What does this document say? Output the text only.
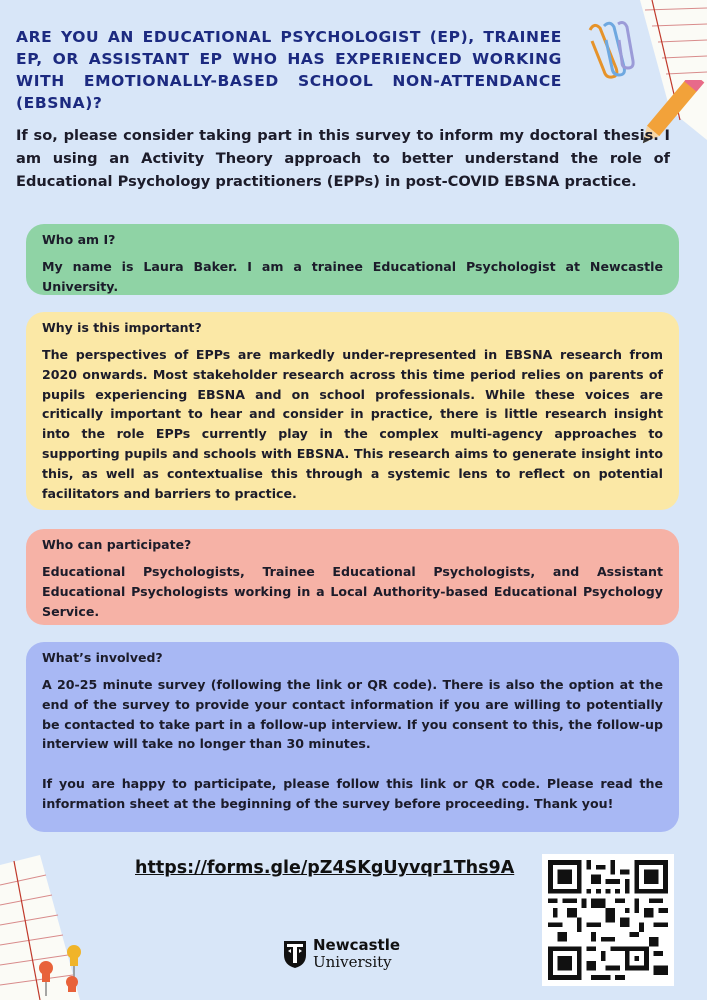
ARE YOU AN EDUCATIONAL PSYCHOLOGIST (EP), TRAINEE EP, OR ASSISTANT EP WHO HAS EXPERIENCED WORKING WITH EMOTIONALLY-BASED SCHOOL NON-ATTENDANCE (EBSNA)?

If so, please consider taking part in this survey to inform my doctoral thesis. I am using an Activity Theory approach to better understand the role of Educational Psychology practitioners (EPPs) in post-COVID EBSNA practice.

Who am I?

My name is Laura Baker. I am a trainee Educational Psychologist at Newcastle University.

Why is this important?

The perspectives of EPPs are markedly under-represented in EBSNA research from 2020 onwards. Most stakeholder research across this time period relies on parents of pupils experiencing EBSNA and on school professionals. While these voices are critically important to hear and consider in practice, there is little research insight into the role EPPs currently play in the complex multi-agency approaches to supporting pupils and schools with EBSNA. This research aims to generate insight into this, as well as contextualise this through a systemic lens to reflect on potential facilitators and barriers to practice.

Who can participate?

Educational Psychologists, Trainee Educational Psychologists, and Assistant Educational Psychologists working in a Local Authority-based Educational Psychology Service.

What’s involved?

A 20-25 minute survey (following the link or QR code). There is also the option at the end of the survey to provide your contact information if you are willing to potentially be contacted to take part in a follow-up interview. If you consent to this, the follow-up interview will take no longer than 30 minutes.

If you are happy to participate, please follow this link or QR code. Please read the information sheet at the beginning of the survey before proceeding. Thank you!

https://forms.gle/pZ4SKgUyvqr1Ths9A
Newcastle
University
